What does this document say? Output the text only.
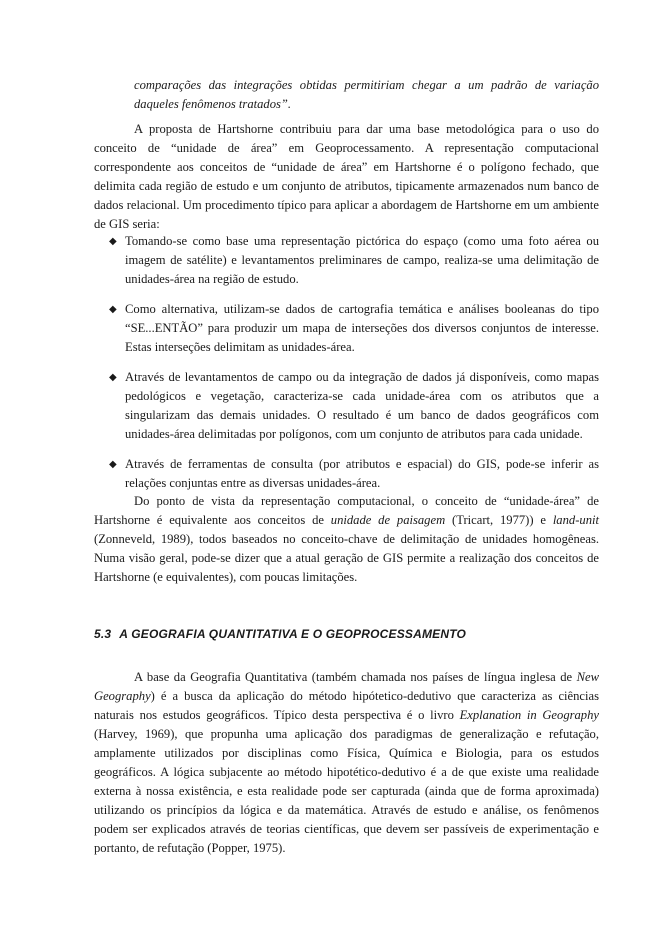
comparações das integrações obtidas permitiriam chegar a um padrão de variação daqueles fenômenos tratados”.

A proposta de Hartshorne contribuiu para dar uma base metodológica para o uso do conceito de “unidade de área” em Geoprocessamento. A representação computacional correspondente aos conceitos de “unidade de área” em Hartshorne é o polígono fechado, que delimita cada região de estudo e um conjunto de atributos, tipicamente armazenados num banco de dados relacional. Um procedimento típico para aplicar a abordagem de Hartshorne em um ambiente de GIS seria:

◆ Tomando-se como base uma representação pictórica do espaço (como uma foto aérea ou imagem de satélite) e levantamentos preliminares de campo, realiza-se uma delimitação de unidades-área na região de estudo.
◆ Como alternativa, utilizam-se dados de cartografia temática e análises booleanas do tipo “SE...ENTÃO” para produzir um mapa de interseções dos diversos conjuntos de interesse. Estas interseções delimitam as unidades-área.
◆ Através de levantamentos de campo ou da integração de dados já disponíveis, como mapas pedológicos e vegetação, caracteriza-se cada unidade-área com os atributos que a singularizam das demais unidades. O resultado é um banco de dados geográficos com unidades-área delimitadas por polígonos, com um conjunto de atributos para cada unidade.
◆ Através de ferramentas de consulta (por atributos e espacial) do GIS, pode-se inferir as relações conjuntas entre as diversas unidades-área.

Do ponto de vista da representação computacional, o conceito de “unidade-área” de Hartshorne é equivalente aos conceitos de unidade de paisagem (Tricart, 1977)) e land-unit (Zonneveld, 1989), todos baseados no conceito-chave de delimitação de unidades homogêneas. Numa visão geral, pode-se dizer que a atual geração de GIS permite a realização dos conceitos de Hartshorne (e equivalentes), com poucas limitações.

5.3 A GEOGRAFIA QUANTITATIVA E O GEOPROCESSAMENTO

A base da Geografia Quantitativa (também chamada nos países de língua inglesa de New Geography) é a busca da aplicação do método hipótetico-dedutivo que caracteriza as ciências naturais nos estudos geográficos. Típico desta perspectiva é o livro Explanation in Geography (Harvey, 1969), que propunha uma aplicação dos paradigmas de generalização e refutação, amplamente utilizados por disciplinas como Física, Química e Biologia, para os estudos geográficos. A lógica subjacente ao método hipotético-dedutivo é a de que existe uma realidade externa à nossa existência, e esta realidade pode ser capturada (ainda que de forma aproximada) utilizando os princípios da lógica e da matemática. Através de estudo e análise, os fenômenos podem ser explicados através de teorias científicas, que devem ser passíveis de experimentação e portanto, de refutação (Popper, 1975).
